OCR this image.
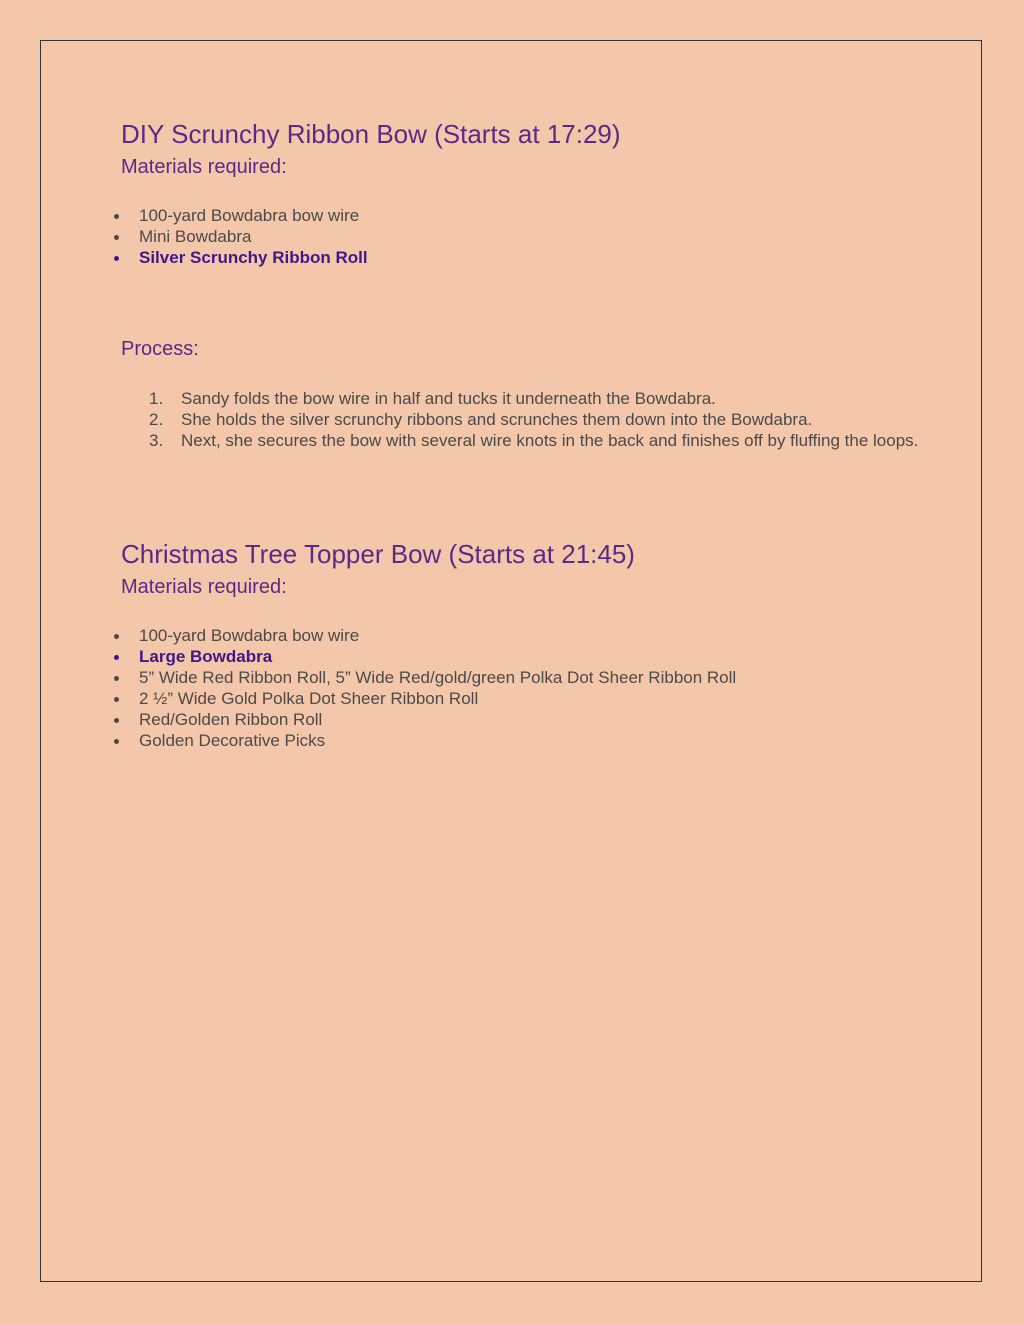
DIY Scrunchy Ribbon Bow (Starts at 17:29)
Materials required:
100-yard Bowdabra bow wire
Mini Bowdabra
Silver Scrunchy Ribbon Roll
Process:
1.	Sandy folds the bow wire in half and tucks it underneath the Bowdabra.
2.	She holds the silver scrunchy ribbons and scrunches them down into the Bowdabra.
3.	Next, she secures the bow with several wire knots in the back and finishes off by fluffing the loops.
Christmas Tree Topper Bow (Starts at 21:45)
Materials required:
100-yard Bowdabra bow wire
Large Bowdabra
5” Wide Red Ribbon Roll, 5” Wide Red/gold/green Polka Dot Sheer Ribbon Roll
2 ½” Wide Gold Polka Dot Sheer Ribbon Roll
Red/Golden Ribbon Roll
Golden Decorative Picks
